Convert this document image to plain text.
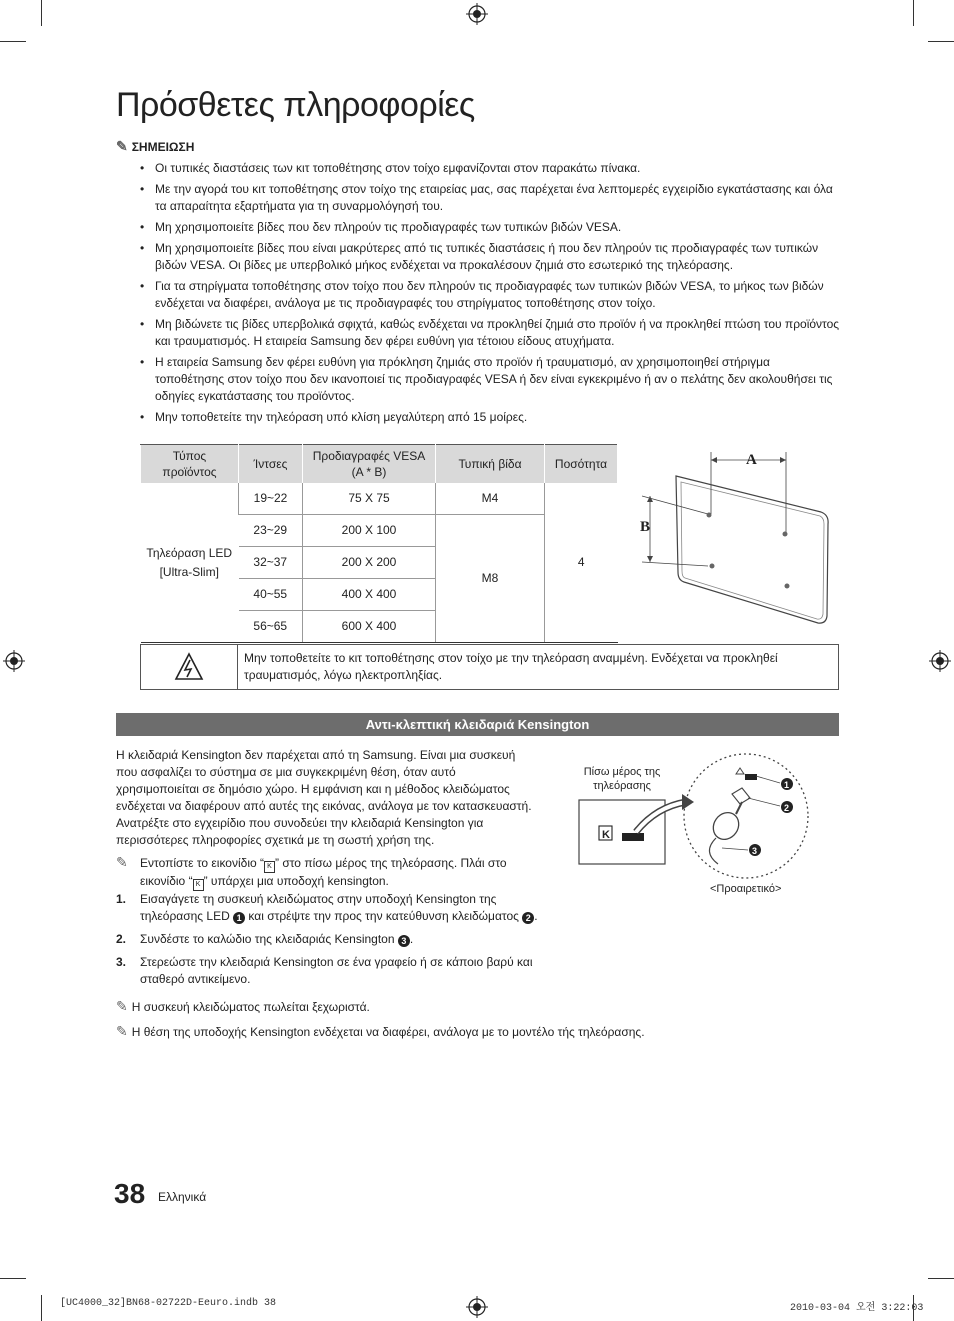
Πρόσθετες πληροφορίες
✎ ΣΗΜΕΙΩΣΗ
• Οι τυπικές διαστάσεις των κιτ τοποθέτησης στον τοίχο εμφανίζονται στον παρακάτω πίνακα.
• Με την αγορά του κιτ τοποθέτησης στον τοίχο της εταιρείας μας, σας παρέχεται ένα λεπτομερές εγχειρίδιο εγκατάστασης και όλα τα απαραίτητα εξαρτήματα για τη συναρμολόγησή του.
• Μη χρησιμοποιείτε βίδες που δεν πληρούν τις προδιαγραφές των τυπικών βιδών VESA.
• Μη χρησιμοποιείτε βίδες που είναι μακρύτερες από τις τυπικές διαστάσεις ή που δεν πληρούν τις προδιαγραφές των τυπικών βιδών VESA. Οι βίδες με υπερβολικό μήκος ενδέχεται να προκαλέσουν ζημιά στο εσωτερικό της τηλεόρασης.
• Για τα στηρίγματα τοποθέτησης στον τοίχο που δεν πληρούν τις προδιαγραφές των τυπικών βιδών VESA, το μήκος των βιδών ενδέχεται να διαφέρει, ανάλογα με τις προδιαγραφές του στηρίγματος τοποθέτησης στον τοίχο.
• Μη βιδώνετε τις βίδες υπερβολικά σφιχτά, καθώς ενδέχεται να προκληθεί ζημιά στο προϊόν ή να προκληθεί πτώση του προϊόντος και τραυματισμός. Η εταιρεία Samsung δεν φέρει ευθύνη για τέτοιου είδους ατυχήματα.
• Η εταιρεία Samsung δεν φέρει ευθύνη για πρόκληση ζημιάς στο προϊόν ή τραυματισμό, αν χρησιμοποιηθεί στήριγμα τοποθέτησης στον τοίχο που δεν ικανοποιεί τις προδιαγραφές VESA ή δεν είναι εγκεκριμένο ή αν ο πελάτης δεν ακολουθήσει τις οδηγίες εγκατάστασης του προϊόντος.
• Μην τοποθετείτε την τηλεόραση υπό κλίση μεγαλύτερη από 15 μοίρες.
Τύπος προϊόντος	Ίντσες	Προδιαγραφές VESA (A * B)	Τυπική βίδα	Ποσότητα

Τηλεόραση LED
[Ultra-Slim]	19~22	75 X 75	M4	4
	23~29	200 X 100	M8	
	32~37	200 X 200		
	40~55	400 X 400		
	56~65	600 X 400		
A
B
Μην τοποθετείτε το κιτ τοποθέτησης στον τοίχο με την τηλεόραση αναμμένη. Ενδέχεται να προκληθεί τραυματισμός, λόγω ηλεκτροπληξίας.
Αντι-κλεπτική κλειδαριά Kensington
Η κλειδαριά Kensington δεν παρέχεται από τη Samsung. Είναι μια συσκευή που ασφαλίζει το σύστημα σε μια συγκεκριμένη θέση, όταν αυτό χρησιμοποιείται σε δημόσιο χώρο. Η εμφάνιση και η μέθοδος κλειδώματος ενδέχεται να διαφέρουν από αυτές της εικόνας, ανάλογα με τον κατασκευαστή. Ανατρέξτε στο εγχειρίδιο που συνοδεύει την κλειδαριά Kensington για περισσότερες πληροφορίες σχετικά με τη σωστή χρήση της.
✎ Εντοπίστε το εικονίδιο “ K ” στο πίσω μέρος της τηλεόρασης. Πλάι στο εικονίδιο “ K ” υπάρχει μια υποδοχή kensington.
1. Εισαγάγετε τη συσκευή κλειδώματος στην υποδοχή Kensington της τηλεόρασης LED 1 και στρέψτε την προς την κατεύθυνση κλειδώματος 2 .
2. Συνδέστε το καλώδιο της κλειδαριάς Kensington 3 .
3. Στερεώστε την κλειδαριά Kensington σε ένα γραφείο ή σε κάποιο βαρύ και σταθερό αντικείμενο.
✎ Η συσκευή κλειδώματος πωλείται ξεχωριστά.
✎ Η θέση της υποδοχής Kensington ενδέχεται να διαφέρει, ανάλογα με το μοντέλο τής τηλεόρασης.
Πίσω μέρος της τηλεόρασης
K
1
2
3
<Προαιρετικό>
38 Ελληνικά
[UC4000_32]BN68-02722D-Eeuro.indb 38	2010-03-04 오전 3:22:03
